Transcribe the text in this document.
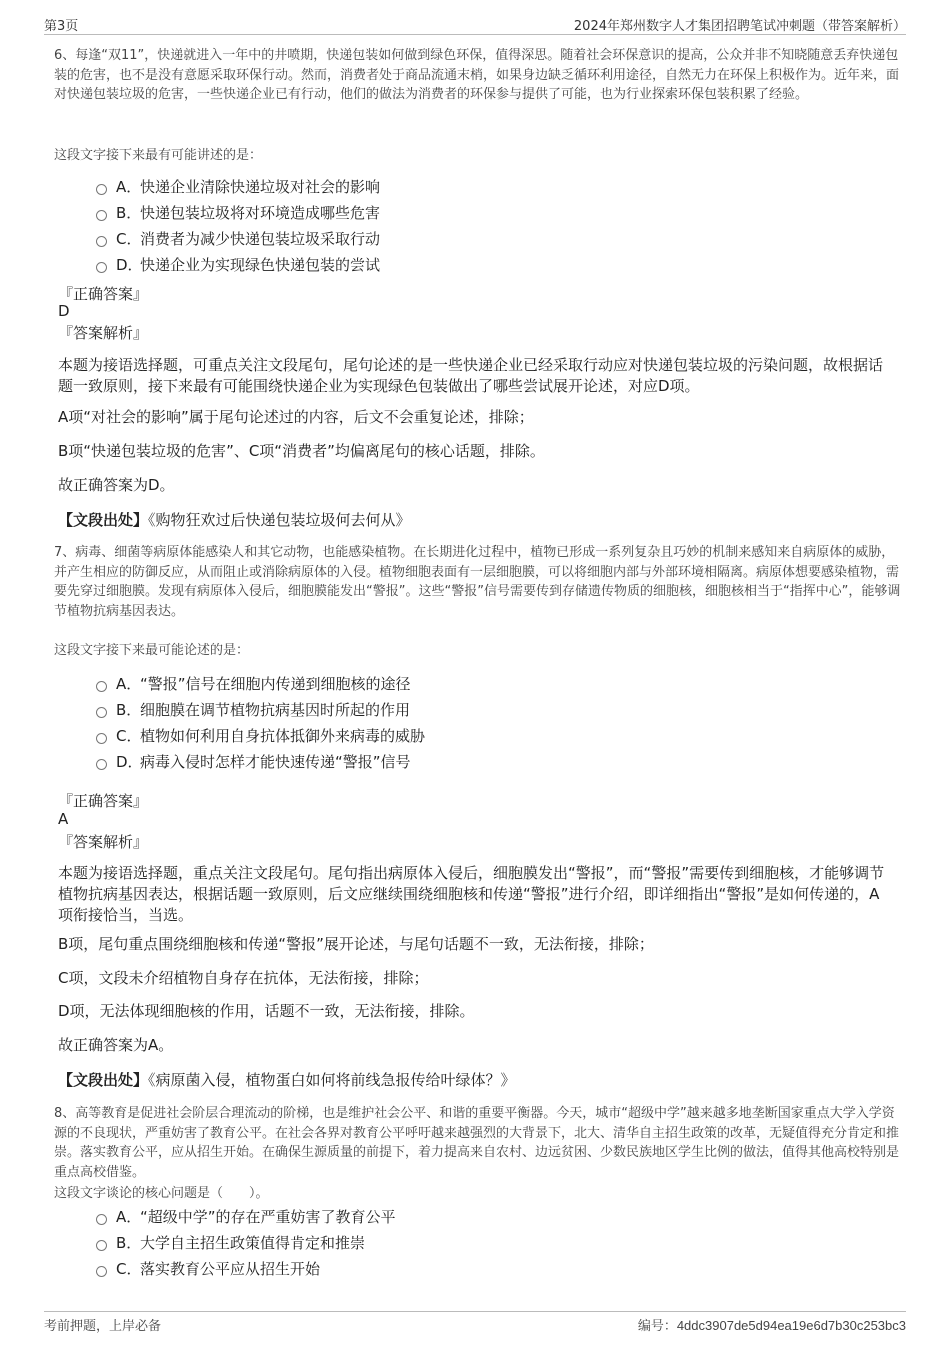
第3页	2024年郑州数字人才集团招聘笔试冲刺题（带答案解析）

6、每逢“双11”，快递就进入一年中的井喷期，快递包装如何做到绿色环保，值得深思。随着社会环保意识的提高，公众并非不知晓随意丢弃快递包装的危害，也不是没有意愿采取环保行动。然而，消费者处于商品流通末梢，如果身边缺乏循环利用途径，自然无力在环保上积极作为。近年来，面对快递包装垃圾的危害，一些快递企业已有行动，他们的做法为消费者的环保参与提供了可能，也为行业探索环保包装积累了经验。

这段文字接下来最有可能讲述的是：

A．快递企业清除快递垃圾对社会的影响
B．快递包装垃圾将对环境造成哪些危害
C．消费者为减少快递包装垃圾采取行动
D．快递企业为实现绿色快递包装的尝试
『正确答案』
D
『答案解析』

本题为接语选择题，可重点关注文段尾句，尾句论述的是一些快递企业已经采取行动应对快递包装垃圾的污染问题，故根据话题一致原则，接下来最有可能围绕快递企业为实现绿色包装做出了哪些尝试展开论述，对应D项。

A项“对社会的影响”属于尾句论述过的内容，后文不会重复论述，排除；

B项“快递包装垃圾的危害”、C项“消费者”均偏离尾句的核心话题，排除。

故正确答案为D。

【文段出处】《购物狂欢过后快递包装垃圾何去何从》

7、病毒、细菌等病原体能感染人和其它动物，也能感染植物。在长期进化过程中，植物已形成一系列复杂且巧妙的机制来感知来自病原体的威胁，并产生相应的防御反应，从而阻止或消除病原体的入侵。植物细胞表面有一层细胞膜，可以将细胞内部与外部环境相隔离。病原体想要感染植物，需要先穿过细胞膜。发现有病原体入侵后，细胞膜能发出“警报”。这些“警报”信号需要传到存储遗传物质的细胞核，细胞核相当于“指挥中心”，能够调节植物抗病基因表达。

这段文字接下来最可能论述的是：

A．“警报”信号在细胞内传递到细胞核的途径
B．细胞膜在调节植物抗病基因时所起的作用
C．植物如何利用自身抗体抵御外来病毒的威胁
D．病毒入侵时怎样才能快速传递“警报”信号
『正确答案』
A
『答案解析』

本题为接语选择题，重点关注文段尾句。尾句指出病原体入侵后，细胞膜发出“警报”，而“警报”需要传到细胞核，才能够调节植物抗病基因表达，根据话题一致原则，后文应继续围绕细胞核和传递“警报”进行介绍，即详细指出“警报”是如何传递的，A项衔接恰当，当选。

B项，尾句重点围绕细胞核和传递“警报”展开论述，与尾句话题不一致，无法衔接，排除；

C项，文段未介绍植物自身存在抗体，无法衔接，排除；

D项，无法体现细胞核的作用，话题不一致，无法衔接，排除。

故正确答案为A。

【文段出处】《病原菌入侵，植物蛋白如何将前线急报传给叶绿体？》

8、高等教育是促进社会阶层合理流动的阶梯，也是维护社会公平、和谐的重要平衡器。今天，城市“超级中学”越来越多地垄断国家重点大学入学资源的不良现状，严重妨害了教育公平。在社会各界对教育公平呼吁越来越强烈的大背景下，北大、清华自主招生政策的改革，无疑值得充分肯定和推崇。落实教育公平，应从招生开始。在确保生源质量的前提下，着力提高来自农村、边远贫困、少数民族地区学生比例的做法，值得其他高校特别是重点高校借鉴。

这段文字谈论的核心问题是（　　）。

A．“超级中学”的存在严重妨害了教育公平
B．大学自主招生政策值得肯定和推崇
C．落实教育公平应从招生开始
考前押题，上岸必备	编号：4ddc3907de5d94ea19e6d7b30c253bc3
